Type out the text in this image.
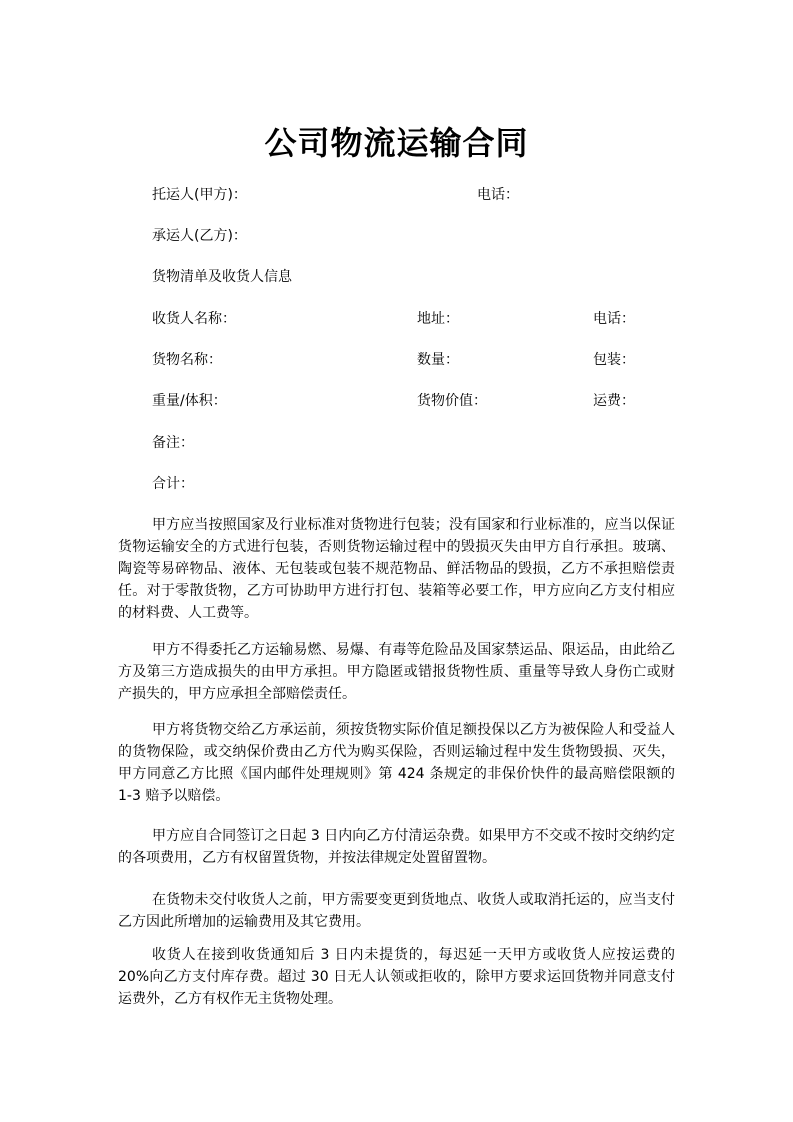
公司物流运输合同
托运人(甲方)：	电话：
承运人(乙方)：
货物清单及收货人信息
收货人名称：	地址：	电话：
货物名称：	数量：	包装：
重量/体积：	货物价值：	运费：
备注：
合计：

甲方应当按照国家及行业标准对货物进行包装；没有国家和行业标准的，应当以保证货物运输安全的方式进行包装，否则货物运输过程中的毁损灭失由甲方自行承担。玻璃、陶瓷等易碎物品、液体、无包装或包装不规范物品、鲜活物品的毁损，乙方不承担赔偿责任。对于零散货物，乙方可协助甲方进行打包、装箱等必要工作，甲方应向乙方支付相应的材料费、人工费等。

甲方不得委托乙方运输易燃、易爆、有毒等危险品及国家禁运品、限运品，由此给乙方及第三方造成损失的由甲方承担。甲方隐匿或错报货物性质、重量等导致人身伤亡或财产损失的，甲方应承担全部赔偿责任。

甲方将货物交给乙方承运前，须按货物实际价值足额投保以乙方为被保险人和受益人的货物保险，或交纳保价费由乙方代为购买保险，否则运输过程中发生货物毁损、灭失，甲方同意乙方比照《国内邮件处理规则》第 424 条规定的非保价快件的最高赔偿限额的 1-3 赔予以赔偿。

甲方应自合同签订之日起 3 日内向乙方付清运杂费。如果甲方不交或不按时交纳约定的各项费用，乙方有权留置货物，并按法律规定处置留置物。

在货物未交付收货人之前，甲方需要变更到货地点、收货人或取消托运的，应当支付乙方因此所增加的运输费用及其它费用。

收货人在接到收货通知后 3 日内未提货的，每迟延一天甲方或收货人应按运费的 20%向乙方支付库存费。超过 30 日无人认领或拒收的，除甲方要求运回货物并同意支付运费外，乙方有权作无主货物处理。
